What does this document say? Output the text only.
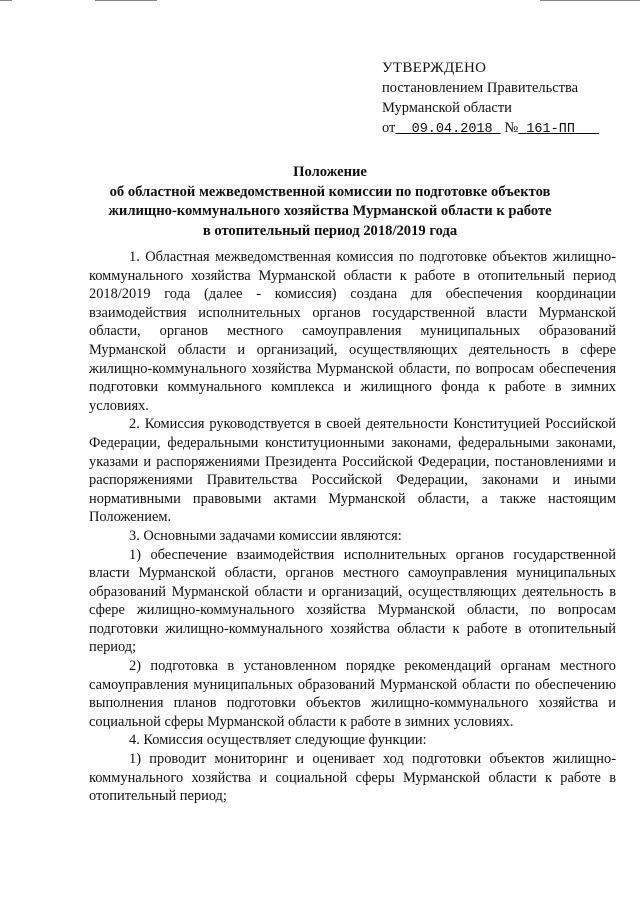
УТВЕРЖДЕНО
постановлением Правительства
Мурманской области
от 09.04.2018 № 161-ПП
Положение
об областной межведомственной комиссии по подготовке объектов
жилищно-коммунального хозяйства Мурманской области к работе
в отопительный период 2018/2019 года

1. Областная межведомственная комиссия по подготовке объектов жилищно-коммунального хозяйства Мурманской области к работе в отопительный период 2018/2019 года (далее - комиссия) создана для обеспечения координации взаимодействия исполнительных органов государственной власти Мурманской области, органов местного самоуправления муниципальных образований Мурманской области и организаций, осуществляющих деятельность в сфере жилищно-коммунального хозяйства Мурманской области, по вопросам обеспечения подготовки коммунального комплекса и жилищного фонда к работе в зимних условиях.

2. Комиссия руководствуется в своей деятельности Конституцией Российской Федерации, федеральными конституционными законами, федеральными законами, указами и распоряжениями Президента Российской Федерации, постановлениями и распоряжениями Правительства Российской Федерации, законами и иными нормативными правовыми актами Мурманской области, а также настоящим Положением.

3. Основными задачами комиссии являются:

1) обеспечение взаимодействия исполнительных органов государственной власти Мурманской области, органов местного самоуправления муниципальных образований Мурманской области и организаций, осуществляющих деятельность в сфере жилищно-коммунального хозяйства Мурманской области, по вопросам подготовки жилищно-коммунального хозяйства области к работе в отопительный период;

2) подготовка в установленном порядке рекомендаций органам местного самоуправления муниципальных образований Мурманской области по обеспечению выполнения планов подготовки объектов жилищно-коммунального хозяйства и социальной сферы Мурманской области к работе в зимних условиях.

4. Комиссия осуществляет следующие функции:

1) проводит мониторинг и оценивает ход подготовки объектов жилищно-коммунального хозяйства и социальной сферы Мурманской области к работе в отопительный период;
